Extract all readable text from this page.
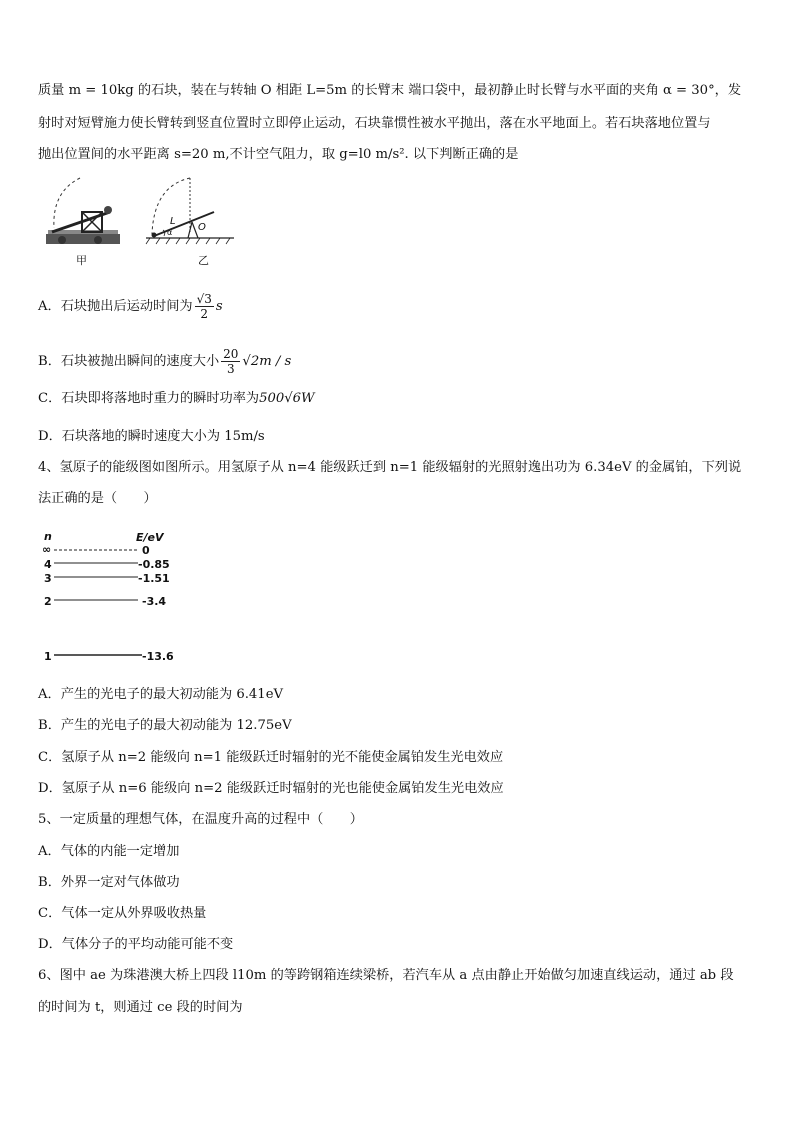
质量 m = 10kg 的石块，装在与转轴 O 相距 L=5m 的长臂末 端口袋中，最初静止时长臂与水平面的夹角 α = 30°，发
射时对短臂施力使长臂转到竖直位置时立即停止运动，石块靠惯性被水平抛出，落在水平地面上。若石块落地位置与
抛出位置间的水平距离 s=20 m,不计空气阻力，取 g=l0 m/s². 以下判断正确的是
甲
L
O
α
乙
A．石块抛出后运动时间为 $\frac{√3}{2}$ s
B．石块被抛出瞬间的速度大小 $\frac{20}{3} √2m$ / s
C．石块即将落地时重力的瞬时功率为500√6W
D．石块落地的瞬时速度大小为 15m/s
4、氢原子的能级图如图所示。用氢原子从 n=4 能级跃迁到 n=1 能级辐射的光照射逸出功为 6.34eV 的金属铂，下列说
法正确的是（　　）
n	E/eV
∞	0
4	-0.85
3	-1.51
2	-3.4
1	-13.6
A．产生的光电子的最大初动能为 6.41eV
B．产生的光电子的最大初动能为 12.75eV
C．氢原子从 n=2 能级向 n=1 能级跃迁时辐射的光不能使金属铂发生光电效应
D．氢原子从 n=6 能级向 n=2 能级跃迁时辐射的光也能使金属铂发生光电效应
5、一定质量的理想气体，在温度升高的过程中（　　）
A．气体的内能一定增加
B．外界一定对气体做功
C．气体一定从外界吸收热量
D．气体分子的平均动能可能不变
6、图中 ae 为珠港澳大桥上四段 l10m 的等跨钢箱连续梁桥，若汽车从 a 点由静止开始做匀加速直线运动，通过 ab 段
的时间为 t，则通过 ce 段的时间为
